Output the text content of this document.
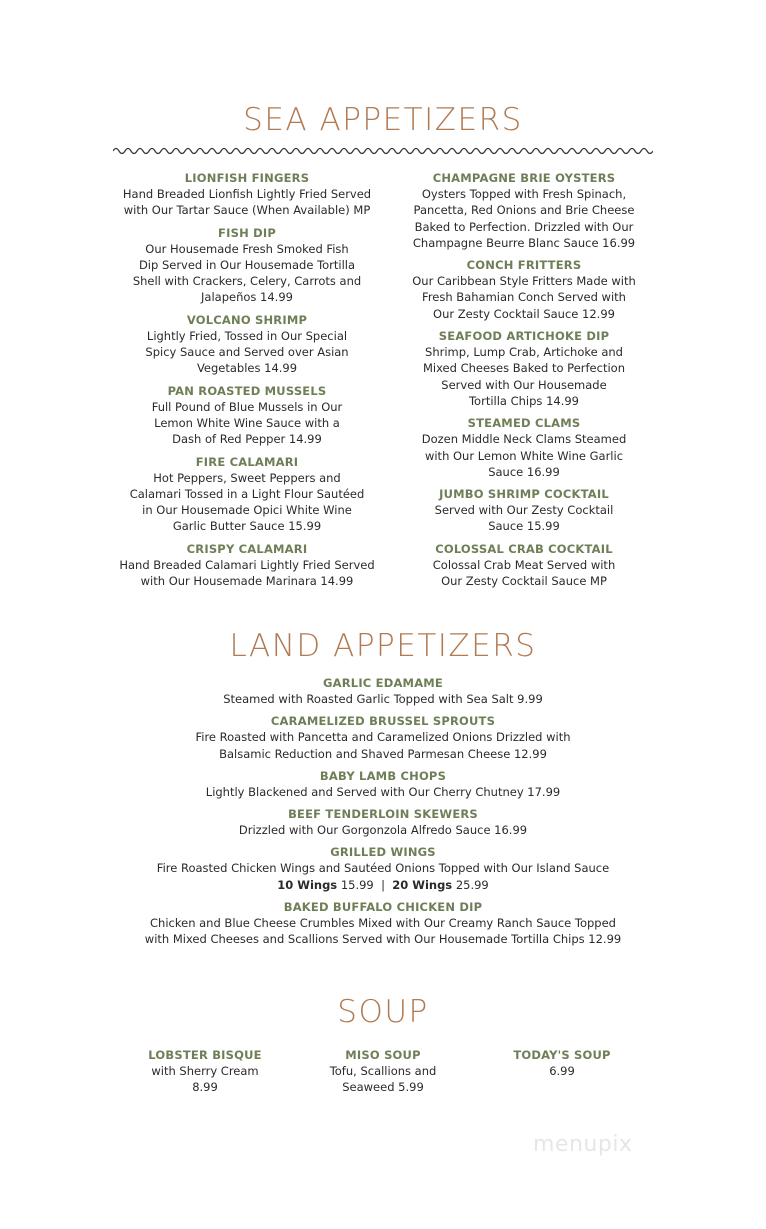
SEA APPETIZERS
LIONFISH FINGERS
Hand Breaded Lionfish Lightly Fried Served
with Our Tartar Sauce (When Available) MP
FISH DIP
Our Housemade Fresh Smoked Fish
Dip Served in Our Housemade Tortilla
Shell with Crackers, Celery, Carrots and
Jalapeños 14.99
VOLCANO SHRIMP
Lightly Fried, Tossed in Our Special
Spicy Sauce and Served over Asian
Vegetables 14.99
PAN ROASTED MUSSELS
Full Pound of Blue Mussels in Our
Lemon White Wine Sauce with a
Dash of Red Pepper 14.99
FIRE CALAMARI
Hot Peppers, Sweet Peppers and
Calamari Tossed in a Light Flour Sautéed
in Our Housemade Opici White Wine
Garlic Butter Sauce 15.99
CRISPY CALAMARI
Hand Breaded Calamari Lightly Fried Served
with Our Housemade Marinara 14.99
CHAMPAGNE BRIE OYSTERS
Oysters Topped with Fresh Spinach,
Pancetta, Red Onions and Brie Cheese
Baked to Perfection. Drizzled with Our
Champagne Beurre Blanc Sauce 16.99
CONCH FRITTERS
Our Caribbean Style Fritters Made with
Fresh Bahamian Conch Served with
Our Zesty Cocktail Sauce 12.99
SEAFOOD ARTICHOKE DIP
Shrimp, Lump Crab, Artichoke and
Mixed Cheeses Baked to Perfection
Served with Our Housemade
Tortilla Chips 14.99
STEAMED CLAMS
Dozen Middle Neck Clams Steamed
with Our Lemon White Wine Garlic
Sauce 16.99
JUMBO SHRIMP COCKTAIL
Served with Our Zesty Cocktail
Sauce 15.99
COLOSSAL CRAB COCKTAIL
Colossal Crab Meat Served with
Our Zesty Cocktail Sauce MP
LAND APPETIZERS
GARLIC EDAMAME
Steamed with Roasted Garlic Topped with Sea Salt 9.99
CARAMELIZED BRUSSEL SPROUTS
Fire Roasted with Pancetta and Caramelized Onions Drizzled with
Balsamic Reduction and Shaved Parmesan Cheese 12.99
BABY LAMB CHOPS
Lightly Blackened and Served with Our Cherry Chutney 17.99
BEEF TENDERLOIN SKEWERS
Drizzled with Our Gorgonzola Alfredo Sauce 16.99
GRILLED WINGS
Fire Roasted Chicken Wings and Sautéed Onions Topped with Our Island Sauce
10 Wings 15.99 | 20 Wings 25.99
BAKED BUFFALO CHICKEN DIP
Chicken and Blue Cheese Crumbles Mixed with Our Creamy Ranch Sauce Topped
with Mixed Cheeses and Scallions Served with Our Housemade Tortilla Chips 12.99
SOUP
LOBSTER BISQUE
with Sherry Cream
8.99
MISO SOUP
Tofu, Scallions and
Seaweed 5.99
TODAY'S SOUP
6.99
menupix
